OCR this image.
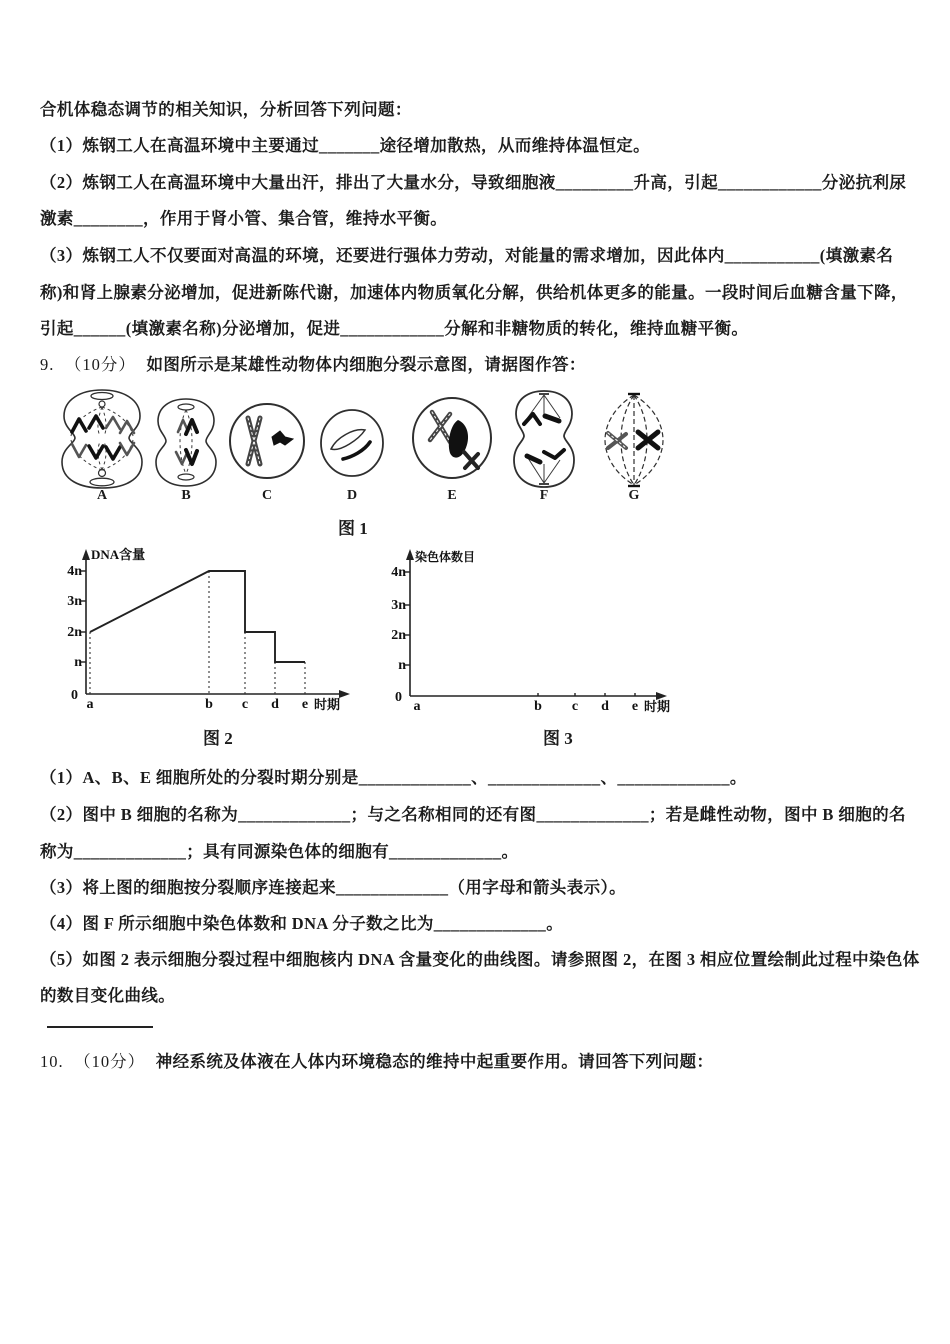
合机体稳态调节的相关知识，分析回答下列问题：
（1）炼钢工人在高温环境中主要通过_______途径增加散热，从而维持体温恒定。
（2）炼钢工人在高温环境中大量出汗，排出了大量水分，导致细胞液_________升高，引起____________分泌抗利尿
激素________，作用于肾小管、集合管，维持水平衡。
（3）炼钢工人不仅要面对高温的环境，还要进行强体力劳动，对能量的需求增加，因此体内___________(填激素名
称)和肾上腺素分泌增加，促进新陈代谢，加速体内物质氧化分解，供给机体更多的能量。一段时间后血糖含量下降，
引起______(填激素名称)分泌增加，促进____________分解和非糖物质的转化，维持血糖平衡。
9. （10分） 如图所示是某雄性动物体内细胞分裂示意图，请据图作答：
A	B	C	D	E	F	G
图 1
DNA含量
4n
3n
2n
n
0
a	b c d e 时期
4n
3n
2n
n
0
a	b c d e 时期
染色体数目
图 2	图 3
（1）A、B、E 细胞所处的分裂时期分别是_____________、_____________、_____________。
（2）图中 B 细胞的名称为_____________；与之名称相同的还有图_____________；若是雌性动物，图中 B 细胞的名
称为_____________；具有同源染色体的细胞有_____________。
（3）将上图的细胞按分裂顺序连接起来_____________（用字母和箭头表示）。
（4）图 F 所示细胞中染色体数和 DNA 分子数之比为_____________。
（5）如图 2 表示细胞分裂过程中细胞核内 DNA 含量变化的曲线图。请参照图 2，在图 3 相应位置绘制此过程中染色体
的数目变化曲线。
10. （10分） 神经系统及体液在人体内环境稳态的维持中起重要作用。请回答下列问题：
